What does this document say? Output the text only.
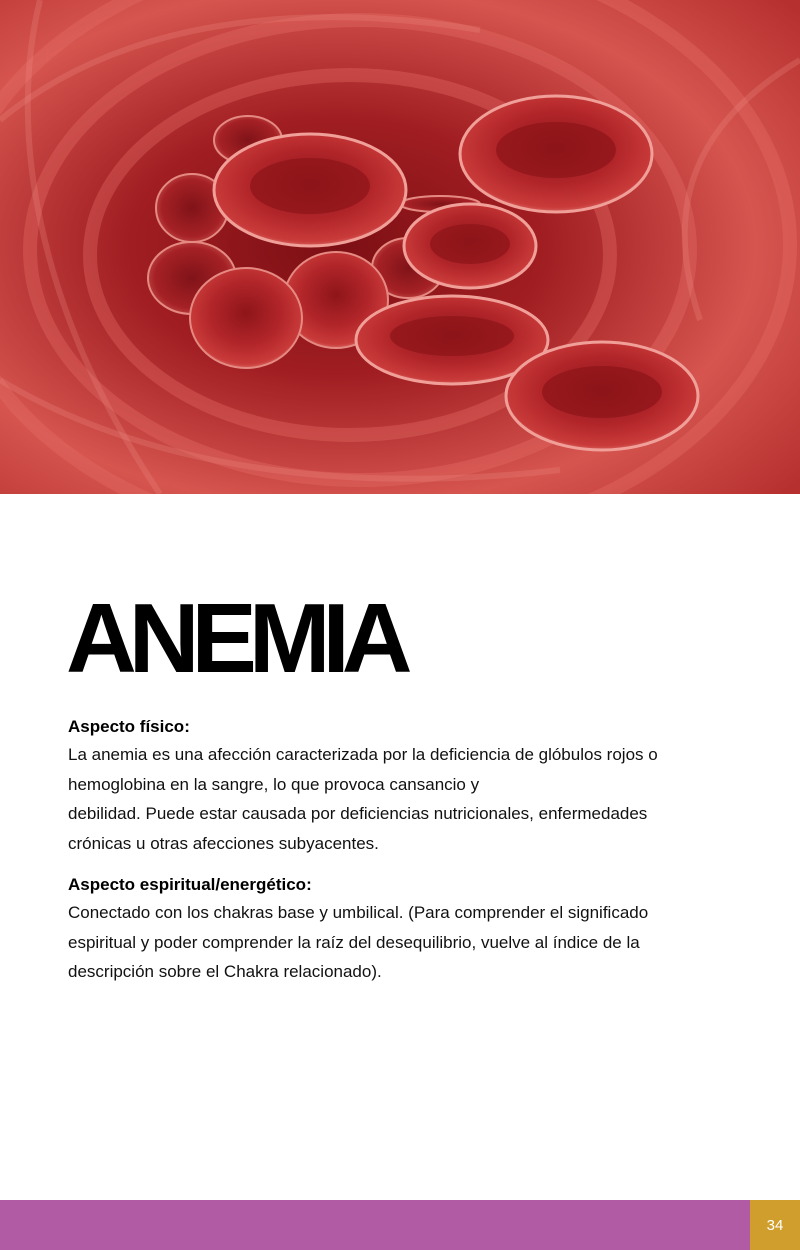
ANEMIA

Aspecto físico:

La anemia es una afección caracterizada por la deficiencia de glóbulos rojos o
hemoglobina en la sangre, lo que provoca cansancio y
debilidad. Puede estar causada por deficiencias nutricionales, enfermedades
crónicas u otras afecciones subyacentes.

Aspecto espiritual/energético:

Conectado con los chakras base y umbilical. (Para comprender el significado
espiritual y poder comprender la raíz del desequilibrio, vuelve al índice de la
descripción sobre el Chakra relacionado).

34
